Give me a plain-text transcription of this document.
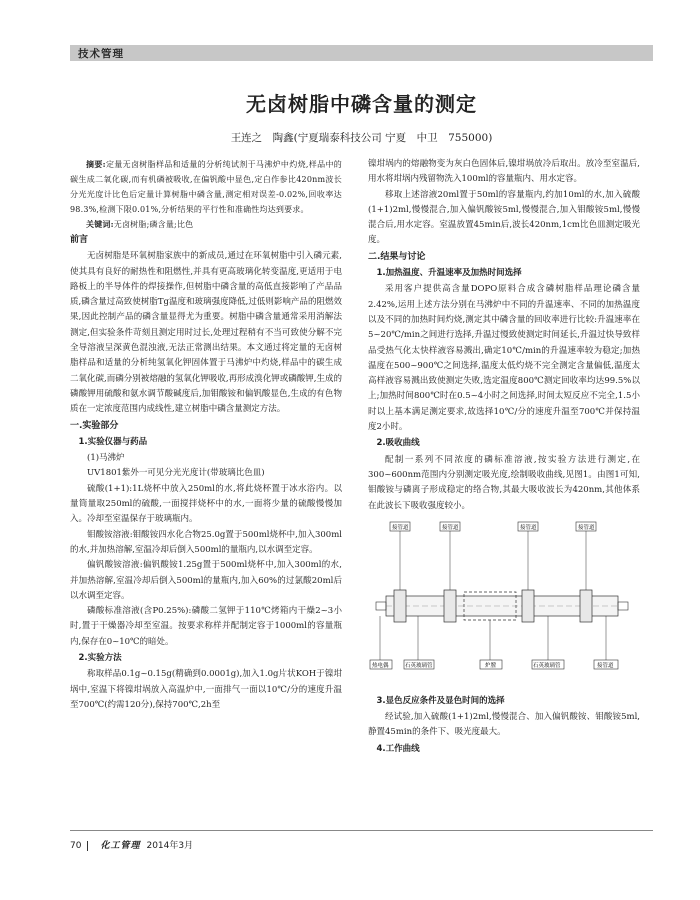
技术管理
无卤树脂中磷含量的测定
王连之　陶鑫(宁夏瑞泰科技公司 宁夏　中卫　755000)

摘要:定量无卤树脂样品和适量的分析纯试剂于马沸炉中灼烧,样品中的碳生成二氧化碳,而有机磷被吸收,在偏钒酸中显色,定白作参比420nm波长分光光度计比色后定量计算树脂中磷含量,测定相对误差-0.02%,回收率达98.3%,检测下限0.01%,分析结果的平行性和准确性均达到要求。

关键词:无卤树脂;磷含量;比色

前言

无卤树脂是环氧树脂家族中的新成员,通过在环氧树脂中引入磷元素,使其具有良好的耐热性和阻燃性,并具有更高玻璃化转变温度,更适用于电路板上的半导体件的焊接操作,但树脂中磷含量的高低直接影响了产品品质,磷含量过高致使树脂Tg温度和玻璃强度降低,过低则影响产品的阻燃效果,因此控制产品的磷含量显得尤为重要。树脂中磷含量通常采用消解法测定,但实验条件苛刻且测定用时过长,处理过程稍有不当可致使分解不完全导溶液呈深黄色混浊液,无法正常测出结果。本文通过将定量的无卤树脂样品和适量的分析纯氢氧化钾固体置于马沸炉中灼烧,样品中的碳生成二氧化碳,而磷分别被熔融的氢氧化钾吸收,再形成溴化钾或磷酸钾,生成的磷酸钾用硫酸和氨水调节酸碱度后,加钼酸铵和偏钒酸显色,生成的有色物质在一定浓度范围内成线性,建立树脂中磷含量测定方法。

一.实验部分
1.实验仪器与药品

(1)马沸炉

UV1801紫外一可见分光光度计(带玻璃比色皿)

硫酸(1+1):1L烧杯中放入250ml的水,将此烧杯置于冰水浴内。以量筒量取250ml的硫酸,一面搅拌烧杯中的水,一面将少量的硫酸慢慢加入。冷却至室温保存于玻璃瓶内。

钼酸铵溶液:钼酸铵四水化合物25.0g置于500ml烧杯中,加入300ml的水,并加热溶解,室温冷却后倒入500ml的量瓶内,以水调至定容。

偏钒酸铵溶液:偏钒酸铵1.25g置于500ml烧杯中,加入300ml的水,并加热溶解,室温冷却后倒入500ml的量瓶内,加入60%的过氯酸20ml后以水调至定容。

磷酸标准溶液(含P0.25%):磷酸二氢钾于110℃烤箱内干燥2~3小时,置于干燥器冷却至室温。按要求称样并配制定容于1000ml的容量瓶内,保存在0~10℃的暗处。

2.实验方法

称取样品0.1g~0.15g(精确到0.0001g),加入1.0g片状KOH于镍坩埚中,室温下将镍坩埚放入高温炉中,一面排气一面以10℃/分的速度升温至700℃(约需120分),保持700℃,2h至

镍坩埚内的熔融物变为灰白色固体后,镍坩埚放冷后取出。放冷至室温后,用水将坩埚内残留物洗入100ml的容量瓶内、用水定容。

移取上述溶液20ml置于50ml的容量瓶内,约加10ml的水,加入硫酸(1+1)2ml,慢慢混合,加入偏钒酸铵5ml,慢慢混合,加入钼酸铵5ml,慢慢混合后,用水定容。室温放置45min后,波长420nm,1cm比色皿测定吸光度。

二.结果与讨论
1.加热温度、升温速率及加热时间选择

采用客户提供高含量DOPO原料合成含磷树脂样品理论磷含量2.42%,运用上述方法分别在马沸炉中不同的升温速率、不同的加热温度以及不同的加热时间灼烧,测定其中磷含量的回收率进行比较:升温速率在5~20℃/min之间进行选择,升温过慢致使测定时间延长,升温过快导致样品受热气化太快样液容易溅出,确定10℃/min的升温速率较为稳定;加热温度在500~900℃之间选择,温度太低灼烧不完全测定含量偏低,温度太高样液容易溅出致使测定失败,选定温度800℃测定回收率均达99.5%以上;加热时间800℃时在0.5~4小时之间选择,时间太短反应不完全,1.5小时以上基本满足测定要求,故选择10℃/分的速度升温至700℃并保持温度2小时。

2.吸收曲线

配制一系列不同浓度的磷标准溶液,按实验方法进行测定,在300~600nm范围内分别测定吸光度,绘制吸收曲线,见图1。由图1可知,钼酸铵与磷离子形成稳定的络合物,其最大吸收波长为420nm,其他体系在此波长下吸收强度较小。

接管道	接管道	接管道	接管道
热电偶	石英玻璃管	炉膛	石英玻璃管	接管道
3.显色反应条件及显色时间的选择

经试验,加入硫酸(1+1)2ml,慢慢混合、加入偏钒酸铵、钼酸铵5ml,静置45min的条件下、吸光度最大。

4.工作曲线
70 化工管理 2014年3月
